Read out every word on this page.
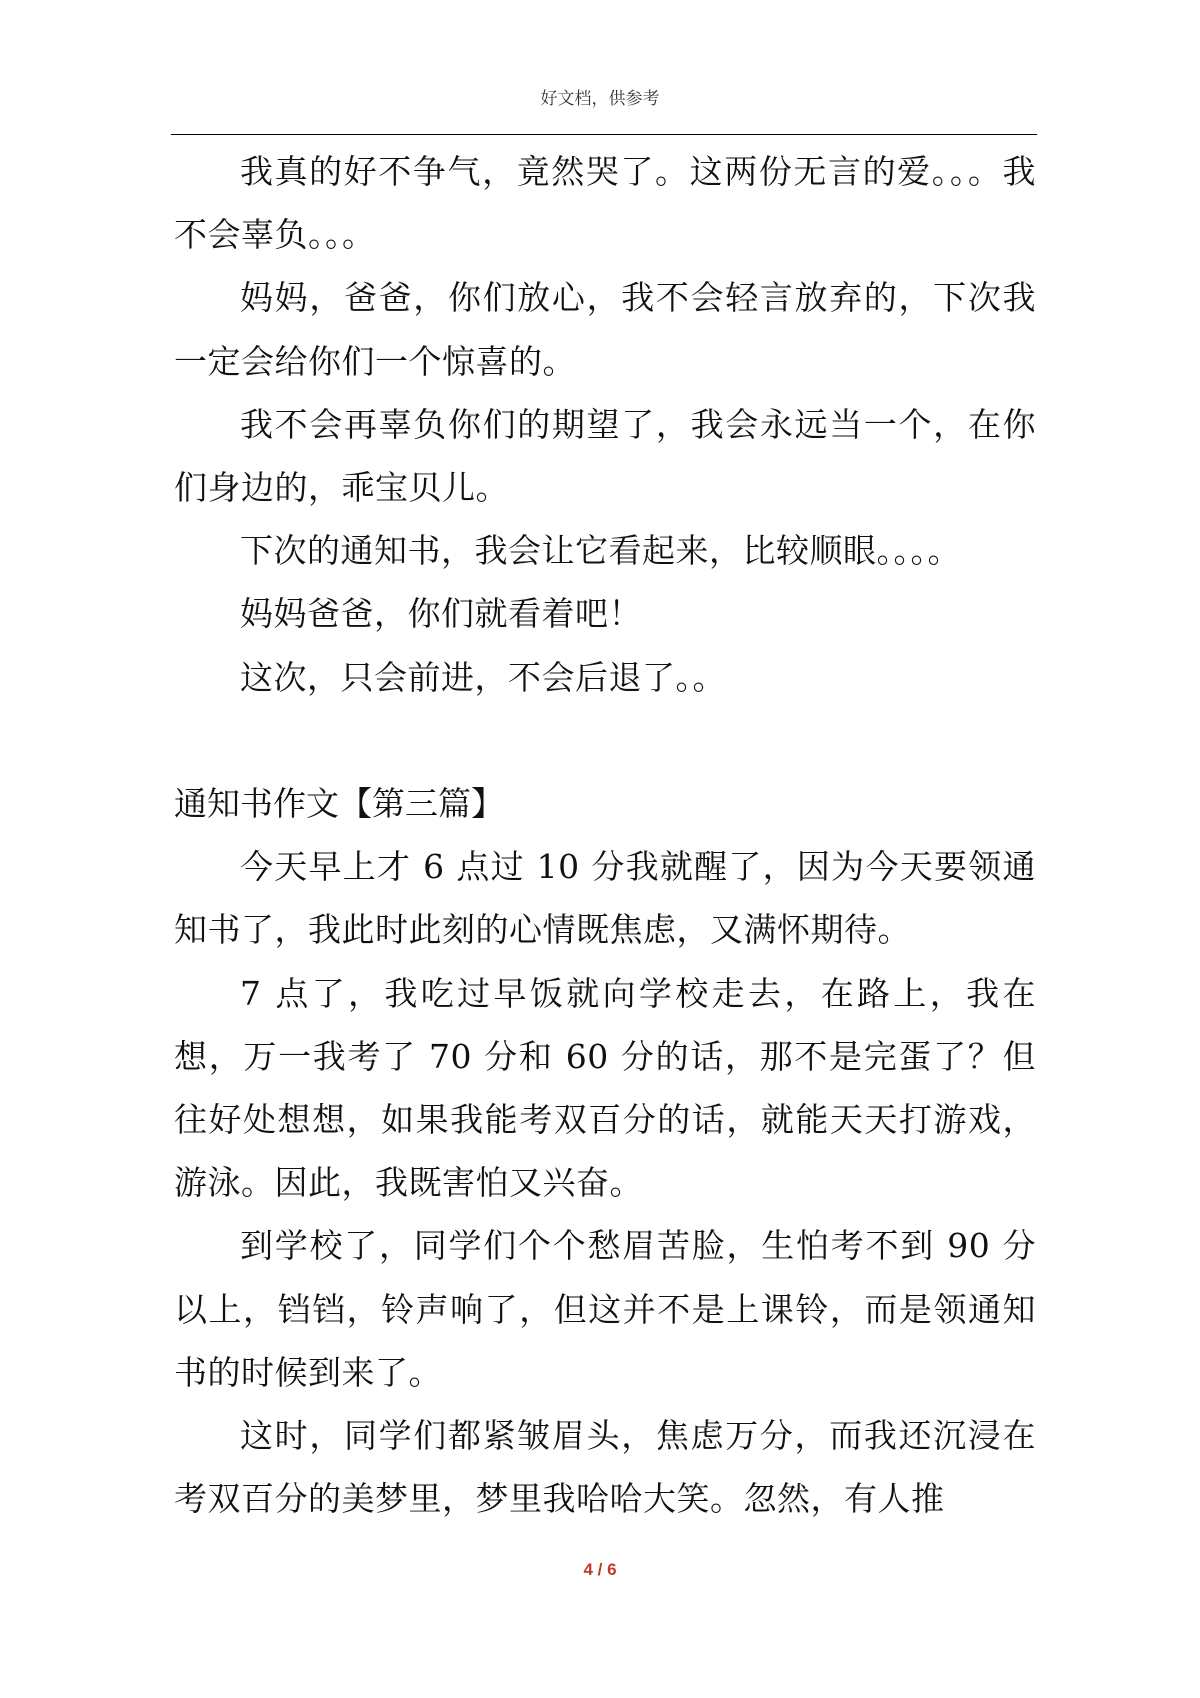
好文档，供参考

我真的好不争气，竟然哭了。这两份无言的爱。。。我不会辜负。。。

妈妈，爸爸，你们放心，我不会轻言放弃的，下次我一定会给你们一个惊喜的。

我不会再辜负你们的期望了，我会永远当一个，在你们身边的，乖宝贝儿。

下次的通知书，我会让它看起来，比较顺眼。。。。

妈妈爸爸，你们就看着吧！

这次，只会前进，不会后退了。。

通知书作文【第三篇】

今天早上才 6 点过 10 分我就醒了，因为今天要领通知书了，我此时此刻的心情既焦虑，又满怀期待。

7 点了，我吃过早饭就向学校走去，在路上，我在想，万一我考了 70 分和 60 分的话，那不是完蛋了？但往好处想想，如果我能考双百分的话，就能天天打游戏，游泳。因此，我既害怕又兴奋。

到学校了，同学们个个愁眉苦脸，生怕考不到 90 分以上，铛铛，铃声响了，但这并不是上课铃，而是领通知书的时候到来了。

这时，同学们都紧皱眉头，焦虑万分，而我还沉浸在考双百分的美梦里，梦里我哈哈大笑。忽然，有人推

4 / 6
